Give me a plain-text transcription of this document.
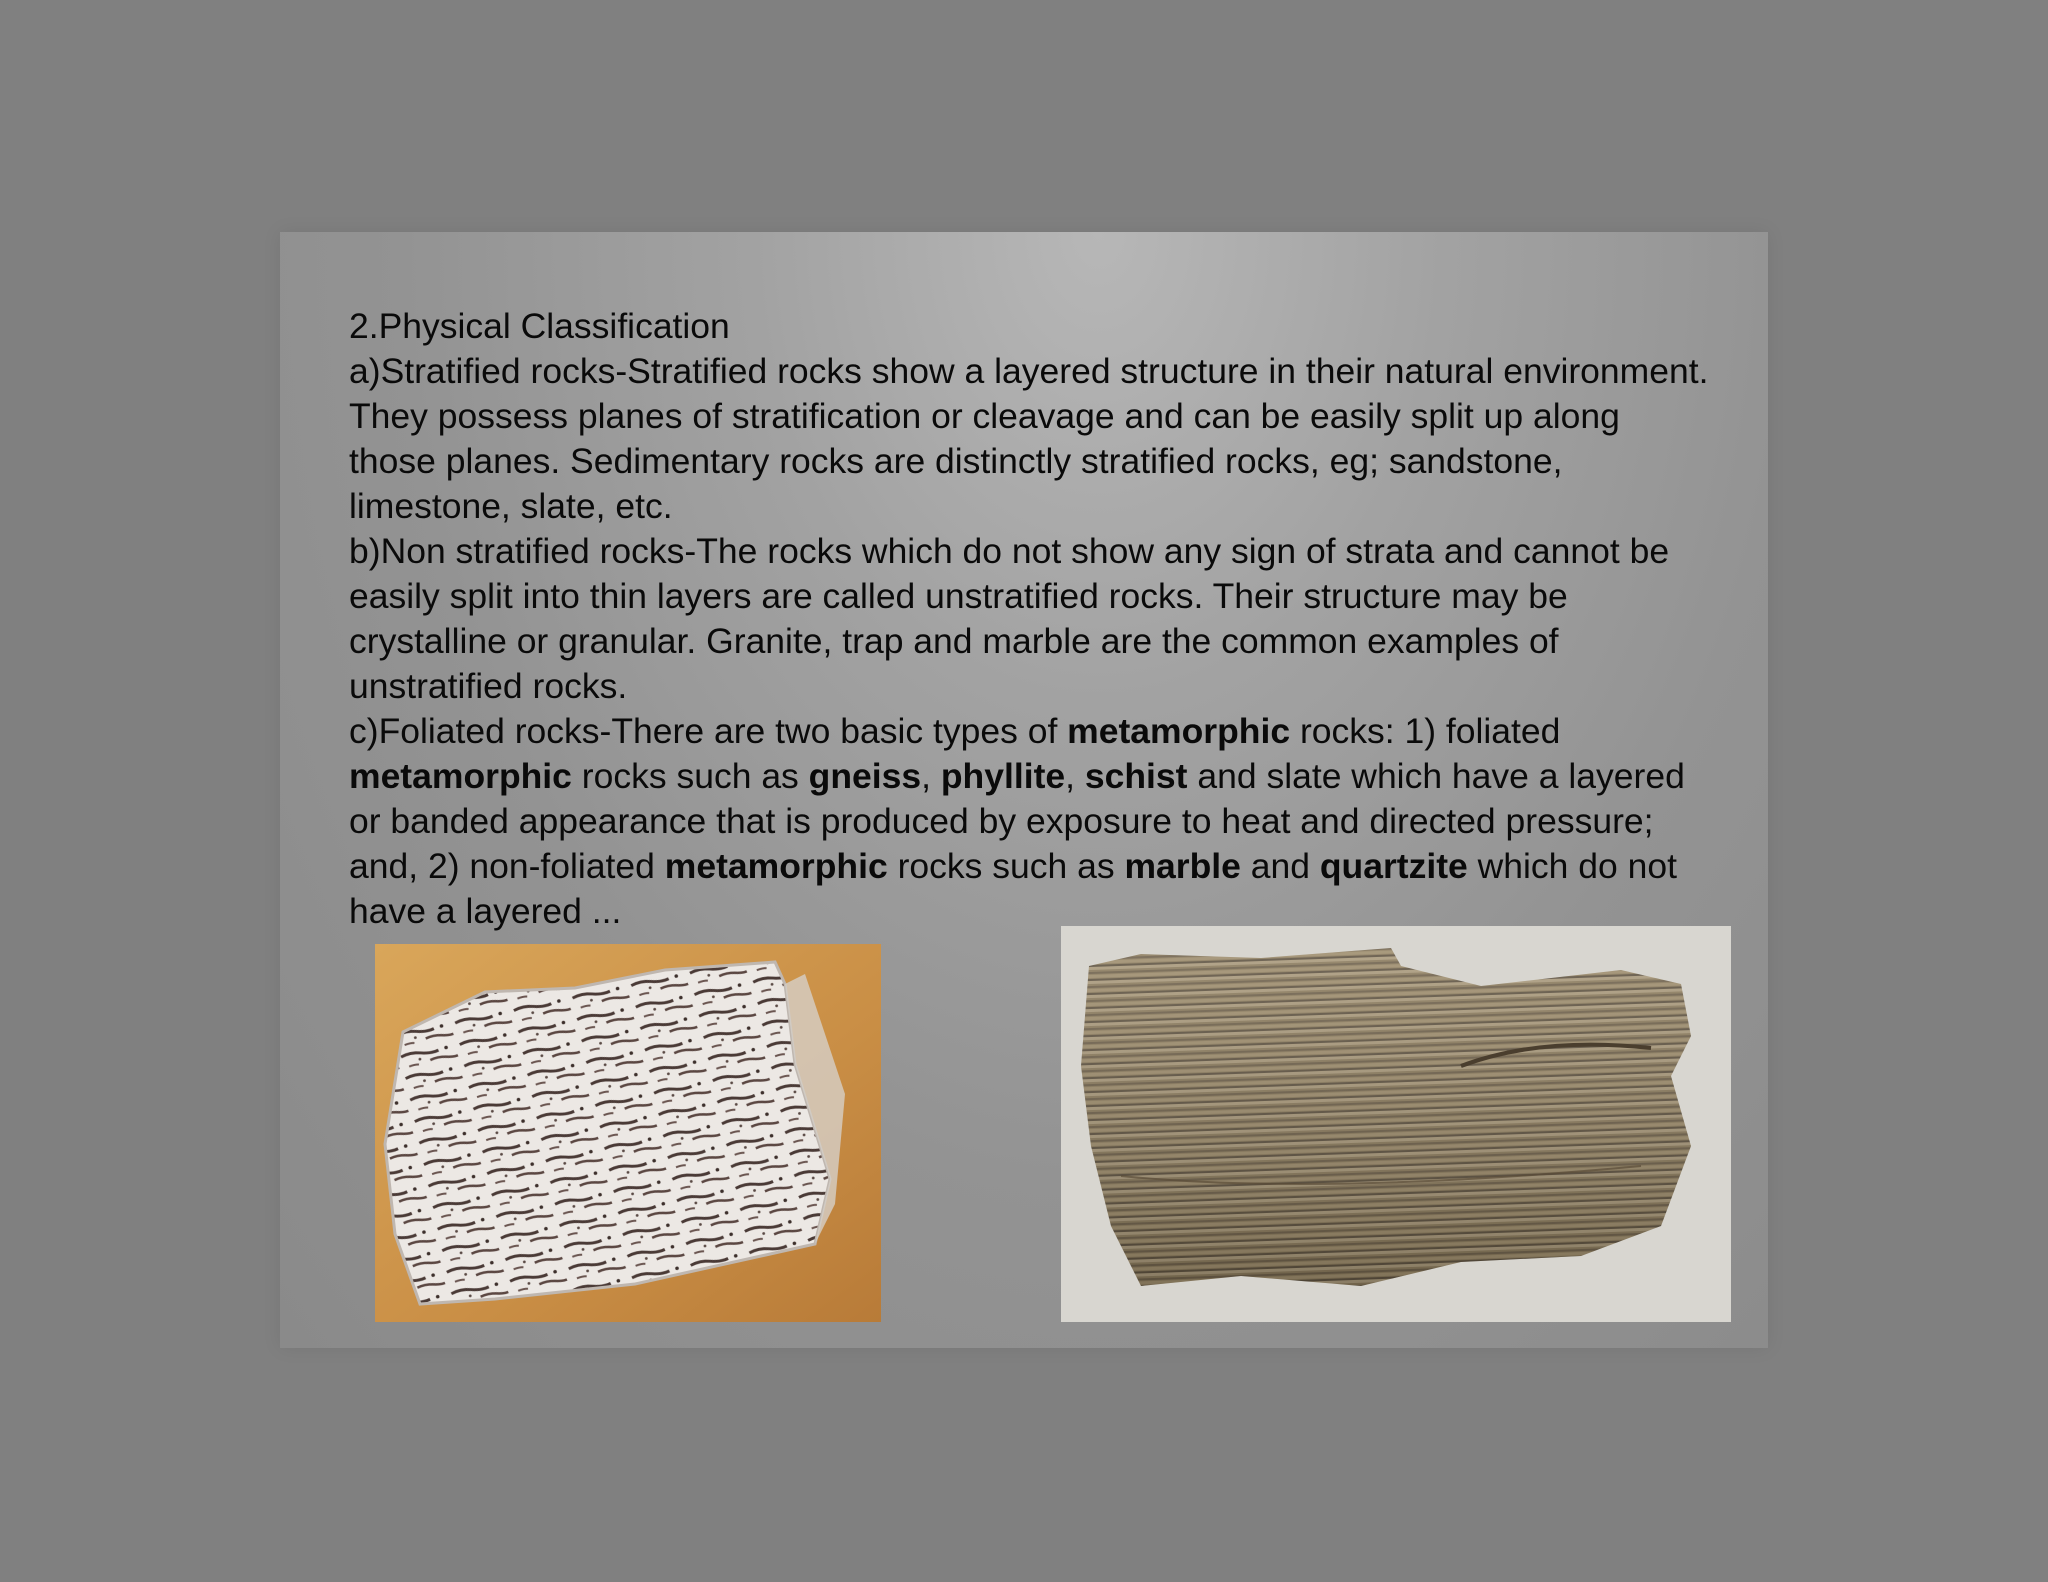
2.Physical Classification
a)Stratified rocks-Stratified rocks show a layered structure in their natural environment.
They possess planes of stratification or cleavage and can be easily split up along
those planes. Sedimentary rocks are distinctly stratified rocks, eg; sandstone,
limestone, slate, etc.
b)Non stratified rocks-The rocks which do not show any sign of strata and cannot be
easily split into thin layers are called unstratified rocks. Their structure may be
crystalline or granular. Granite, trap and marble are the common examples of
unstratified rocks.
c)Foliated rocks-There are two basic types of metamorphic rocks: 1) foliated
metamorphic rocks such as gneiss, phyllite, schist and slate which have a layered
or banded appearance that is produced by exposure to heat and directed pressure;
and, 2) non-foliated metamorphic rocks such as marble and quartzite which do not
have a layered ...
